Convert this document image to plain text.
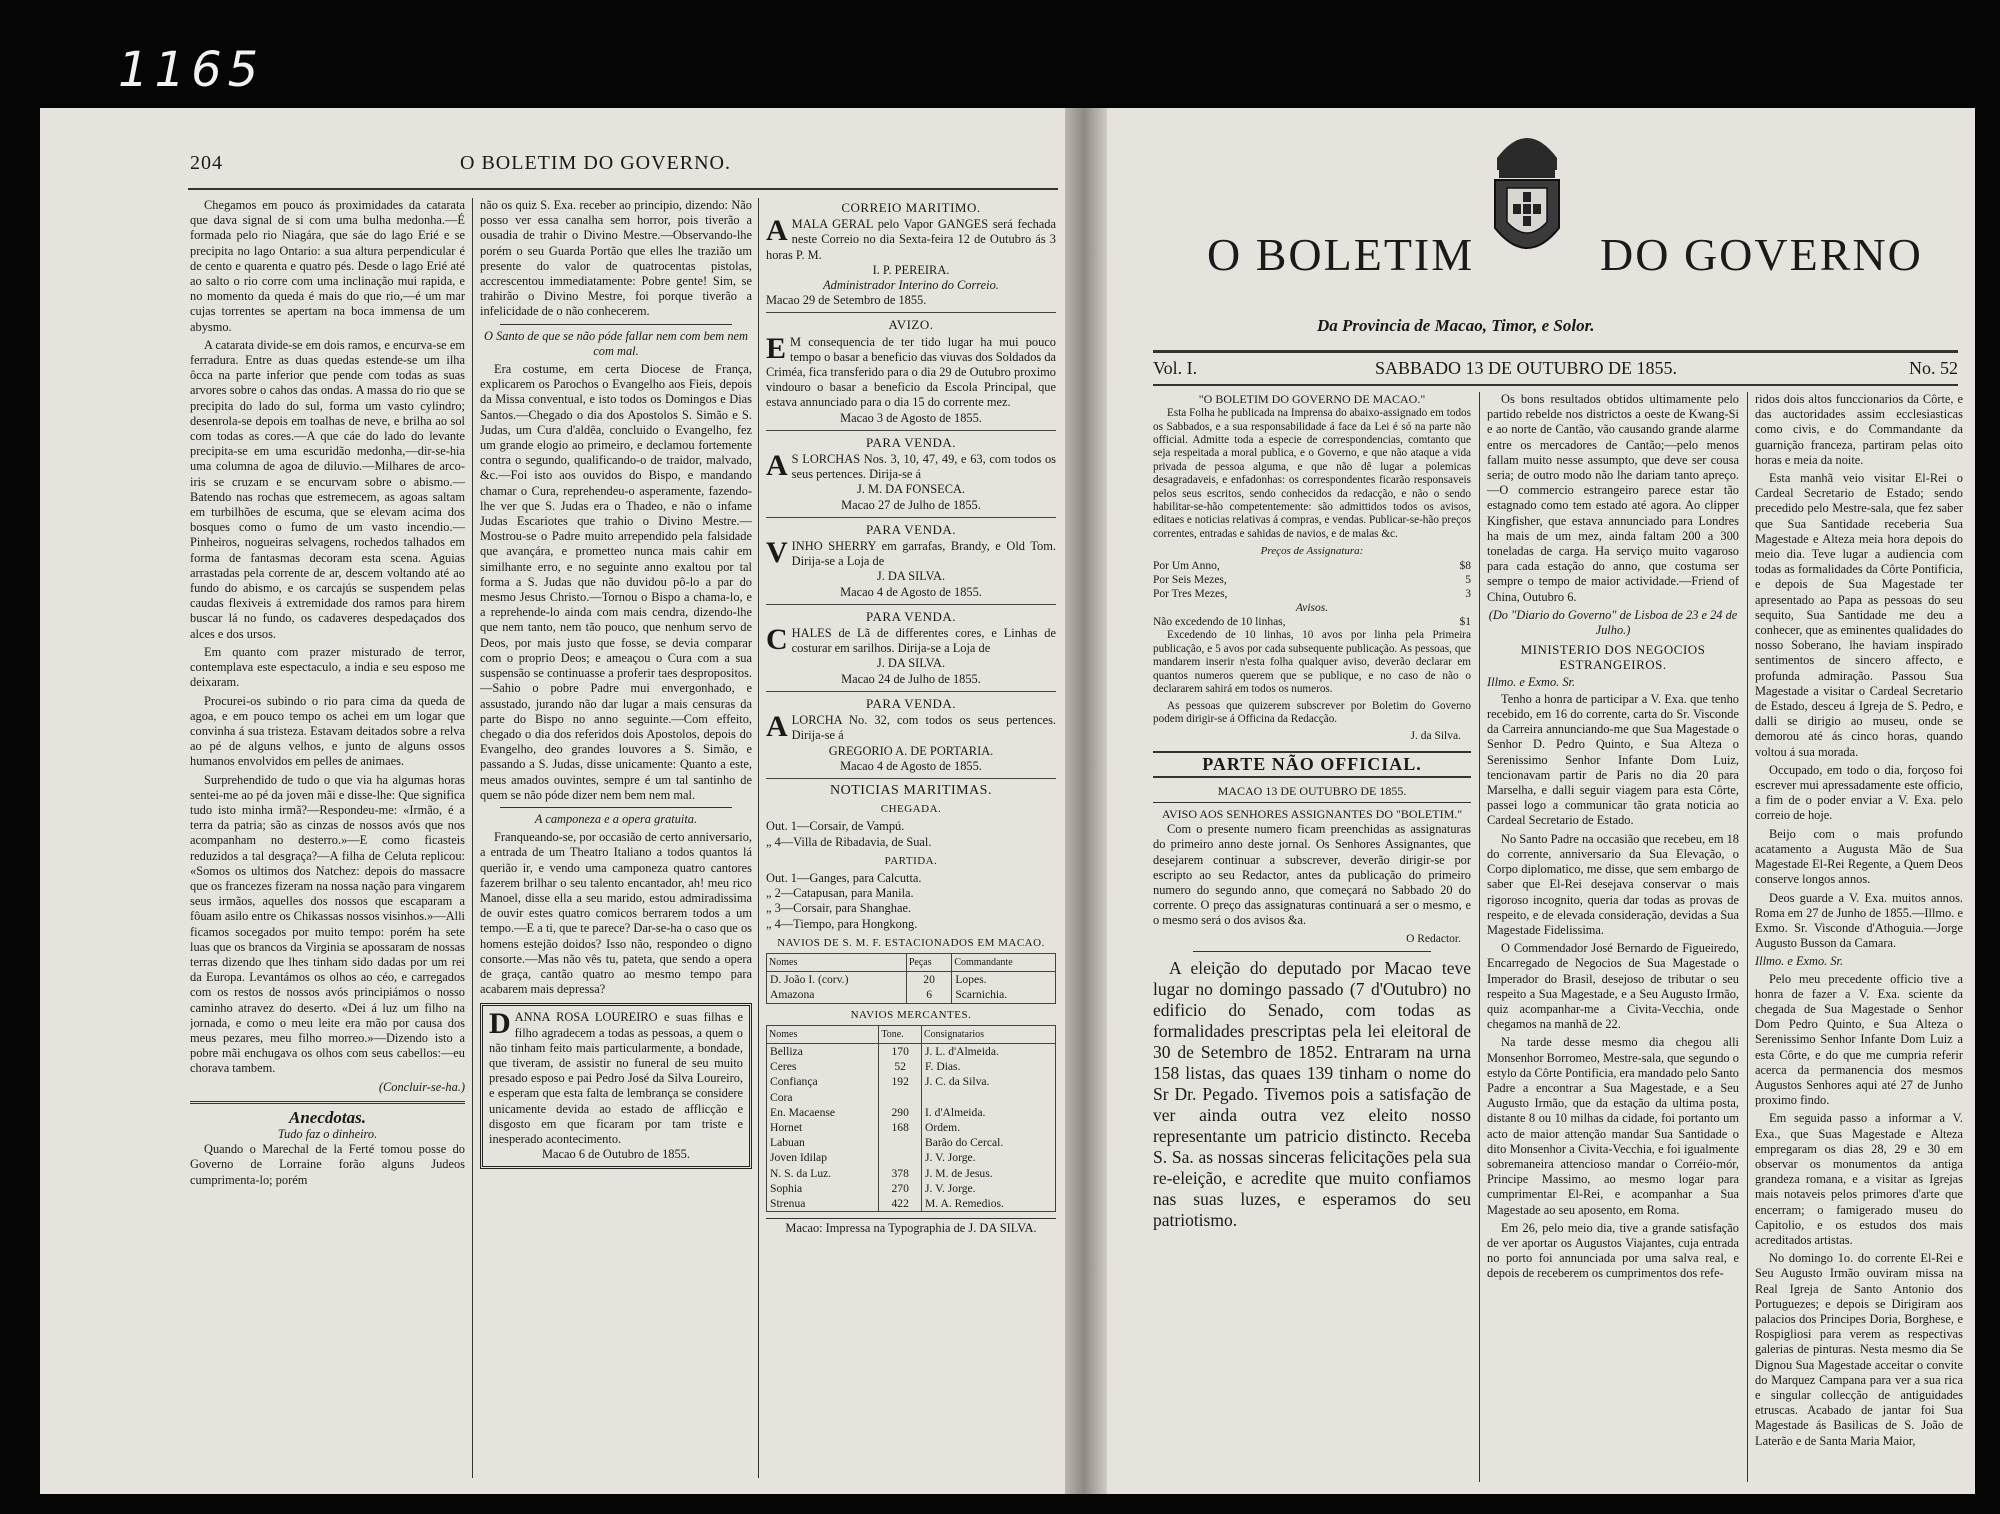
1165
204	O BOLETIM DO GOVERNO.

Chegamos em pouco ás proximidades da catarata que dava signal de si com uma bulha medonha.—É formada pelo rio Niagára, que sáe do lago Erié e se precipita no lago Ontario: a sua altura perpendicular é de cento e quarenta e quatro pés. Desde o lago Erié até ao salto o rio corre com uma inclinação mui rapida, e no momento da queda é mais do que rio,—é um mar cujas torrentes se apertam na boca immensa de um abysmo.

A catarata divide-se em dois ramos, e encurva-se em ferradura. Entre as duas quedas estende-se um ilha ôcca na parte inferior que pende com todas as suas arvores sobre o cahos das ondas. A massa do rio que se precipita do lado do sul, forma um vasto cylindro; desenrola-se depois em toalhas de neve, e brilha ao sol com todas as cores.—A que cáe do lado do levante precipita-se em uma escuridão medonha,—dir-se-hia uma columna de agoa de diluvio.—Milhares de arco-iris se cruzam e se encurvam sobre o abismo.—Batendo nas rochas que estremecem, as agoas saltam em turbilhões de escuma, que se elevam acima dos bosques como o fumo de um vasto incendio.—Pinheiros, nogueiras selvagens, rochedos talhados em forma de fantasmas decoram esta scena. Aguias arrastadas pela corrente de ar, descem voltando até ao fundo do abismo, e os carcajús se suspendem pelas caudas flexiveis á extremidade dos ramos para hirem buscar lá no fundo, os cadaveres despedaçados dos alces e dos ursos.

Em quanto com prazer misturado de terror, contemplava este espectaculo, a india e seu esposo me deixaram.

Procurei-os subindo o rio para cima da queda de agoa, e em pouco tempo os achei em um logar que convinha á sua tristeza. Estavam deitados sobre a relva ao pé de alguns velhos, e junto de alguns ossos humanos envolvidos em pelles de animaes.

Surprehendido de tudo o que via ha algumas horas sentei-me ao pé da joven mãi e disse-lhe: Que significa tudo isto minha irmã?—Respondeu-me: «Irmão, é a terra da patria; são as cinzas de nossos avós que nos acompanham no desterro.»—E como ficasteis reduzidos a tal desgraça?—A filha de Celuta replicou: «Somos os ultimos dos Natchez: depois do massacre que os francezes fizeram na nossa nação para vingarem seus irmãos, aquelles dos nossos que escaparam a fôuam asilo entre os Chikassas nossos visinhos.»—Alli ficamos socegados por muito tempo: porém ha sete luas que os brancos da Virginia se apossaram de nossas terras dizendo que lhes tinham sido dadas por um rei da Europa. Levantámos os olhos ao céo, e carregados com os restos de nossos avós principiámos o nosso caminho atravez do deserto. «Dei á luz um filho na jornada, e como o meu leite era mão por causa dos meus pezares, meu filho morreo.»—Dizendo isto a pobre mãi enchugava os olhos com seus cabellos:—eu chorava tambem.

(Concluir-se-ha.)
Anecdotas.
Tudo faz o dinheiro.

Quando o Marechal de la Ferté tomou posse do Governo de Lorraine forão alguns Judeos cumprimenta-lo; porém

não os quiz S. Exa. receber ao principio, dizendo: Não posso ver essa canalha sem horror, pois tiverão a ousadia de trahir o Divino Mestre.—Observando-lhe porém o seu Guarda Portão que elles lhe trazião um presente do valor de quatrocentas pistolas, accrescentou immediatamente: Pobre gente! Sim, se trahirão o Divino Mestre, foi porque tiverão a infelicidade de o não conhecerem.

O Santo de que se não póde fallar nem com bem nem com mal.

Era costume, em certa Diocese de França, explicarem os Parochos o Evangelho aos Fieis, depois da Missa conventual, e isto todos os Domingos e Dias Santos.—Chegado o dia dos Apostolos S. Simão e S. Judas, um Cura d'aldêa, concluido o Evangelho, fez um grande elogio ao primeiro, e declamou fortemente contra o segundo, qualificando-o de traidor, malvado, &c.—Foi isto aos ouvidos do Bispo, e mandando chamar o Cura, reprehendeu-o asperamente, fazendo-lhe ver que S. Judas era o Thadeo, e não o infame Judas Escariotes que trahio o Divino Mestre.—Mostrou-se o Padre muito arrependido pela falsidade que avançára, e prometteo nunca mais cahir em similhante erro, e no seguinte anno exaltou por tal forma a S. Judas que não duvidou pô-lo a par do mesmo Jesus Christo.—Tornou o Bispo a chama-lo, e a reprehende-lo ainda com mais cendra, dizendo-lhe que nem tanto, nem tão pouco, que nenhum servo de Deos, por mais justo que fosse, se devia comparar com o proprio Deos; e ameaçou o Cura com a sua suspensão se continuasse a proferir taes despropositos.—Sahio o pobre Padre mui envergonhado, e assustado, jurando não dar lugar a mais censuras da parte do Bispo no anno seguinte.—Com effeito, chegado o dia dos referidos dois Apostolos, depois do Evangelho, deo grandes louvores a S. Simão, e passando a S. Judas, disse unicamente: Quanto a este, meus amados ouvintes, sempre é um tal santinho de quem se não póde dizer nem bem nem mal.

A camponeza e a opera gratuita.

Franqueando-se, por occasião de certo anniversario, a entrada de um Theatro Italiano a todos quantos lá querião ir, e vendo uma camponeza quatro cantores fazerem brilhar o seu talento encantador, ah! meu rico Manoel, disse ella a seu marido, estou admiradissima de ouvir estes quatro comicos berrarem todos a um tempo.—E a ti, que te parece? Dar-se-ha o caso que os homens estejão doidos? Isso não, respondeo o digno consorte.—Mas não vês tu, pateta, que sendo a opera de graça, cantão quatro ao mesmo tempo para acabarem mais depressa?

D ANNA ROSA LOUREIRO e suas filhas e filho agradecem a todas as pessoas, a quem o não tinham feito mais particularmente, a bondade, que tiveram, de assistir no funeral de seu muito presado esposo e pai Pedro José da Silva Loureiro, e esperam que esta falta de lembrança se considere unicamente devida ao estado de afflicção e disgosto em que ficaram por tam triste e inesperado acontecimento.
Macao 6 de Outubro de 1855.
CORREIO MARITIMO.
A MALA GERAL pelo Vapor GANGES será fechada neste Correio no dia Sexta-feira 12 de Outubro ás 3 horas P. M.
I. P. PEREIRA.
Administrador Interino do Correio.
Macao 29 de Setembro de 1855.
AVIZO.
E M consequencia de ter tido lugar ha mui pouco tempo o basar a beneficio das viuvas dos Soldados da Criméa, fica transferido para o dia 29 de Outubro proximo vindouro o basar a beneficio da Escola Principal, que estava annunciado para o dia 15 do corrente mez.
Macao 3 de Agosto de 1855.
PARA VENDA.
A S LORCHAS Nos. 3, 10, 47, 49, e 63, com todos os seus pertences. Dirija-se á
J. M. DA FONSECA.
Macao 27 de Julho de 1855.
PARA VENDA.
V INHO SHERRY em garrafas, Brandy, e Old Tom. Dirija-se a Loja de
J. DA SILVA.
Macao 4 de Agosto de 1855.
PARA VENDA.
C HALES de Lã de differentes cores, e Linhas de costurar em sarilhos. Dirija-se a Loja de
J. DA SILVA.
Macao 24 de Julho de 1855.
PARA VENDA.
A LORCHA No. 32, com todos os seus pertences. Dirija-se á
GREGORIO A. DE PORTARIA.
Macao 4 de Agosto de 1855.
NOTICIAS MARITIMAS.
CHEGADA.
Out. 1—Corsair, de Vampú.
„ 4—Villa de Ribadavia, de Sual.
PARTIDA.
Out. 1—Ganges, para Calcutta.
„ 2—Catapusan, para Manila.
„ 3—Corsair, para Shanghae.
„ 4—Tiempo, para Hongkong.
NAVIOS DE S. M. F. ESTACIONADOS EM MACAO.
Nomes	Peças	Commandante
D. João I. (corv.)	20	Lopes.
Amazona	6	Scarnichia.
NAVIOS MERCANTES.
Nomes	Tone.	Consignatarios
Belliza	170	J. L. d'Almeida.
Ceres	52	F. Dias.
Confiança	192	J. C. da Silva.
Cora		
En. Macaense	290	I. d'Almeida.
Hornet	168	Ordem.
Labuan		Barão do Cercal.
Joven Idilap		J. V. Jorge.
N. S. da Luz.	378	J. M. de Jesus.
Sophia	270	J. V. Jorge.
Strenua	422	M. A. Remedios.
Macao: Impressa na Typographia de J. DA SILVA.
O BOLETIM	DO GOVERNO
Da Provincia de Macao, Timor, e Solor.
Vol. I.	SABBADO 13 DE OUTUBRO DE 1855.	No. 52
"O BOLETIM DO GOVERNO DE MACAO."

Esta Folha he publicada na Imprensa do abaixo-assignado em todos os Sabbados, e a sua responsabilidade á face da Lei é só na parte não official. Admitte toda a especie de correspondencias, comtanto que seja respeitada a moral publica, e o Governo, e que não ataque a vida privada de pessoa alguma, e que não dê lugar a polemicas desagradaveis, e enfadonhas: os correspondentes ficarão responsaveis pelos seus escritos, sendo conhecidos da redacção, e não o sendo habilitar-se-hão competentemente: são admittidos todos os avisos, editaes e noticias relativas á compras, e vendas. Publicar-se-hão preços correntes, entradas e sahidas de navios, e de malas &c.

Preços de Assignatura:
Por Um Anno,	$8
Por Seis Mezes,	5
Por Tres Mezes,	3
Avisos.
Não excedendo de 10 linhas,	$1

Excedendo de 10 linhas, 10 avos por linha pela Primeira publicação, e 5 avos por cada subsequente publicação. As pessoas, que mandarem inserir n'esta folha qualquer aviso, deverão declarar em quantos numeros querem que se publique, e no caso de não o declararem sahirá em todos os numeros.

As pessoas que quizerem subscrever por Boletim do Governo podem dirigir-se á Officina da Redacção.

J. da Silva.
PARTE NÃO OFFICIAL.
MACAO 13 DE OUTUBRO DE 1855.
AVISO AOS SENHORES ASSIGNANTES DO "BOLETIM."

Com o presente numero ficam preenchidas as assignaturas do primeiro anno deste jornal. Os Senhores Assignantes, que desejarem continuar a subscrever, deverão dirigir-se por escripto ao seu Redactor, antes da publicação do primeiro numero do segundo anno, que começará no Sabbado 20 do corrente. O preço das assignaturas continuará a ser o mesmo, e o mesmo será o dos avisos &a.

O Redactor.

A eleição do deputado por Macao teve lugar no domingo passado (7 d'Outubro) no edificio do Senado, com todas as formalidades prescriptas pela lei eleitoral de 30 de Setembro de 1852. Entraram na urna 158 listas, das quaes 139 tinham o nome do Sr Dr. Pegado. Tivemos pois a satisfação de ver ainda outra vez eleito nosso representante um patricio distincto. Receba S. Sa. as nossas sinceras felicitações pela sua re-eleição, e acredite que muito confiamos nas suas luzes, e esperamos do seu patriotismo.

Os bons resultados obtidos ultimamente pelo partido rebelde nos districtos a oeste de Kwang-Si e ao norte de Cantão, vão causando grande alarme entre os mercadores de Cantão;—pelo menos fallam muito nesse assumpto, que deve ser cousa seria; de outro modo não lhe dariam tanto apreço.—O commercio estrangeiro parece estar tão estagnado como tem estado até agora. Ao clipper Kingfisher, que estava annunciado para Londres ha mais de um mez, ainda faltam 200 a 300 toneladas de carga. Ha serviço muito vagaroso para cada estação do anno, que costuma ser sempre o tempo de maior actividade.—Friend of China, Outubro 6.

(Do "Diario do Governo" de Lisboa de 23 e 24 de Julho.)
MINISTERIO DOS NEGOCIOS ESTRANGEIROS.
Illmo. e Exmo. Sr.

Tenho a honra de participar a V. Exa. que tenho recebido, em 16 do corrente, carta do Sr. Visconde da Carreira annunciando-me que Sua Magestade o Senhor D. Pedro Quinto, e Sua Alteza o Serenissimo Senhor Infante Dom Luiz, tencionavam partir de Paris no dia 20 para Marselha, e dalli seguir viagem para esta Côrte, passei logo a communicar tão grata noticia ao Cardeal Secretario de Estado.

No Santo Padre na occasião que recebeu, em 18 do corrente, anniversario da Sua Elevação, o Corpo diplomatico, me disse, que sem embargo de saber que El-Rei desejava conservar o mais rigoroso incognito, queria dar todas as provas de respeito, e de elevada consideração, devidas a Sua Magestade Fidelissima.

O Commendador José Bernardo de Figueiredo, Encarregado de Negocios de Sua Magestade o Imperador do Brasil, desejoso de tributar o seu respeito a Sua Magestade, e a Seu Augusto Irmão, quiz acompanhar-me a Civita-Vecchia, onde chegamos na manhã de 22.

Na tarde desse mesmo dia chegou alli Monsenhor Borromeo, Mestre-sala, que segundo o estylo da Côrte Pontificia, era mandado pelo Santo Padre a encontrar a Sua Magestade, e a Seu Augusto Irmão, que da estação da ultima posta, distante 8 ou 10 milhas da cidade, foi portanto um acto de maior attenção mandar Sua Santidade o dito Monsenhor a Civita-Vecchia, e foi igualmente sobremaneira attencioso mandar o Corréio-mór, Principe Massimo, ao mesmo logar para cumprimentar El-Rei, e acompanhar a Sua Magestade ao seu aposento, em Roma.

Em 26, pelo meio dia, tive a grande satisfação de ver aportar os Augustos Viajantes, cuja entrada no porto foi annunciada por uma salva real, e depois de receberem os cumprimentos dos refe-

ridos dois altos funccionarios da Côrte, e das auctoridades assim ecclesiasticas como civis, e do Commandante da guarnição franceza, partiram pelas oito horas e meia da noite.

Esta manhã veio visitar El-Rei o Cardeal Secretario de Estado; sendo precedido pelo Mestre-sala, que fez saber que Sua Santidade receberia Sua Magestade e Alteza meia hora depois do meio dia. Teve lugar a audiencia com todas as formalidades da Côrte Pontificia, e depois de Sua Magestade ter apresentado ao Papa as pessoas do seu sequito, Sua Santidade me deu a conhecer, que as eminentes qualidades do nosso Soberano, lhe haviam inspirado sentimentos de sincero affecto, e profunda admiração. Passou Sua Magestade a visitar o Cardeal Secretario de Estado, desceu á Igreja de S. Pedro, e dalli se dirigio ao museu, onde se demorou até ás cinco horas, quando voltou á sua morada.

Occupado, em todo o dia, forçoso foi escrever mui apressadamente este officio, a fim de o poder enviar a V. Exa. pelo correio de hoje.

Beijo com o mais profundo acatamento a Augusta Mão de Sua Magestade El-Rei Regente, a Quem Deos conserve longos annos.

Deos guarde a V. Exa. muitos annos. Roma em 27 de Junho de 1855.—Illmo. e Exmo. Sr. Visconde d'Athoguia.—Jorge Augusto Busson da Camara.

Illmo. e Exmo. Sr.

Pelo meu precedente officio tive a honra de fazer a V. Exa. sciente da chegada de Sua Magestade o Senhor Dom Pedro Quinto, e Sua Alteza o Serenissimo Senhor Infante Dom Luiz a esta Côrte, e do que me cumpria referir acerca da permanencia dos mesmos Augustos Senhores aqui até 27 de Junho proximo findo.

Em seguida passo a informar a V. Exa., que Suas Magestade e Alteza empregaram os dias 28, 29 e 30 em observar os monumentos da antiga grandeza romana, e a visitar as Igrejas mais notaveis pelos primores d'arte que encerram; o famigerado museu do Capitolio, e os estudos dos mais acreditados artistas.

No domingo 1o. do corrente El-Rei e Seu Augusto Irmão ouviram missa na Real Igreja de Santo Antonio dos Portuguezes; e depois se Dirigiram aos palacios dos Principes Doria, Borghese, e Rospigliosi para verem as respectivas galerias de pinturas. Nesta mesmo dia Se Dignou Sua Magestade acceitar o convite do Marquez Campana para ver a sua rica e singular collecção de antiguidades etruscas. Acabado de jantar foi Sua Magestade ás Basilicas de S. João de Laterão e de Santa Maria Maior,
